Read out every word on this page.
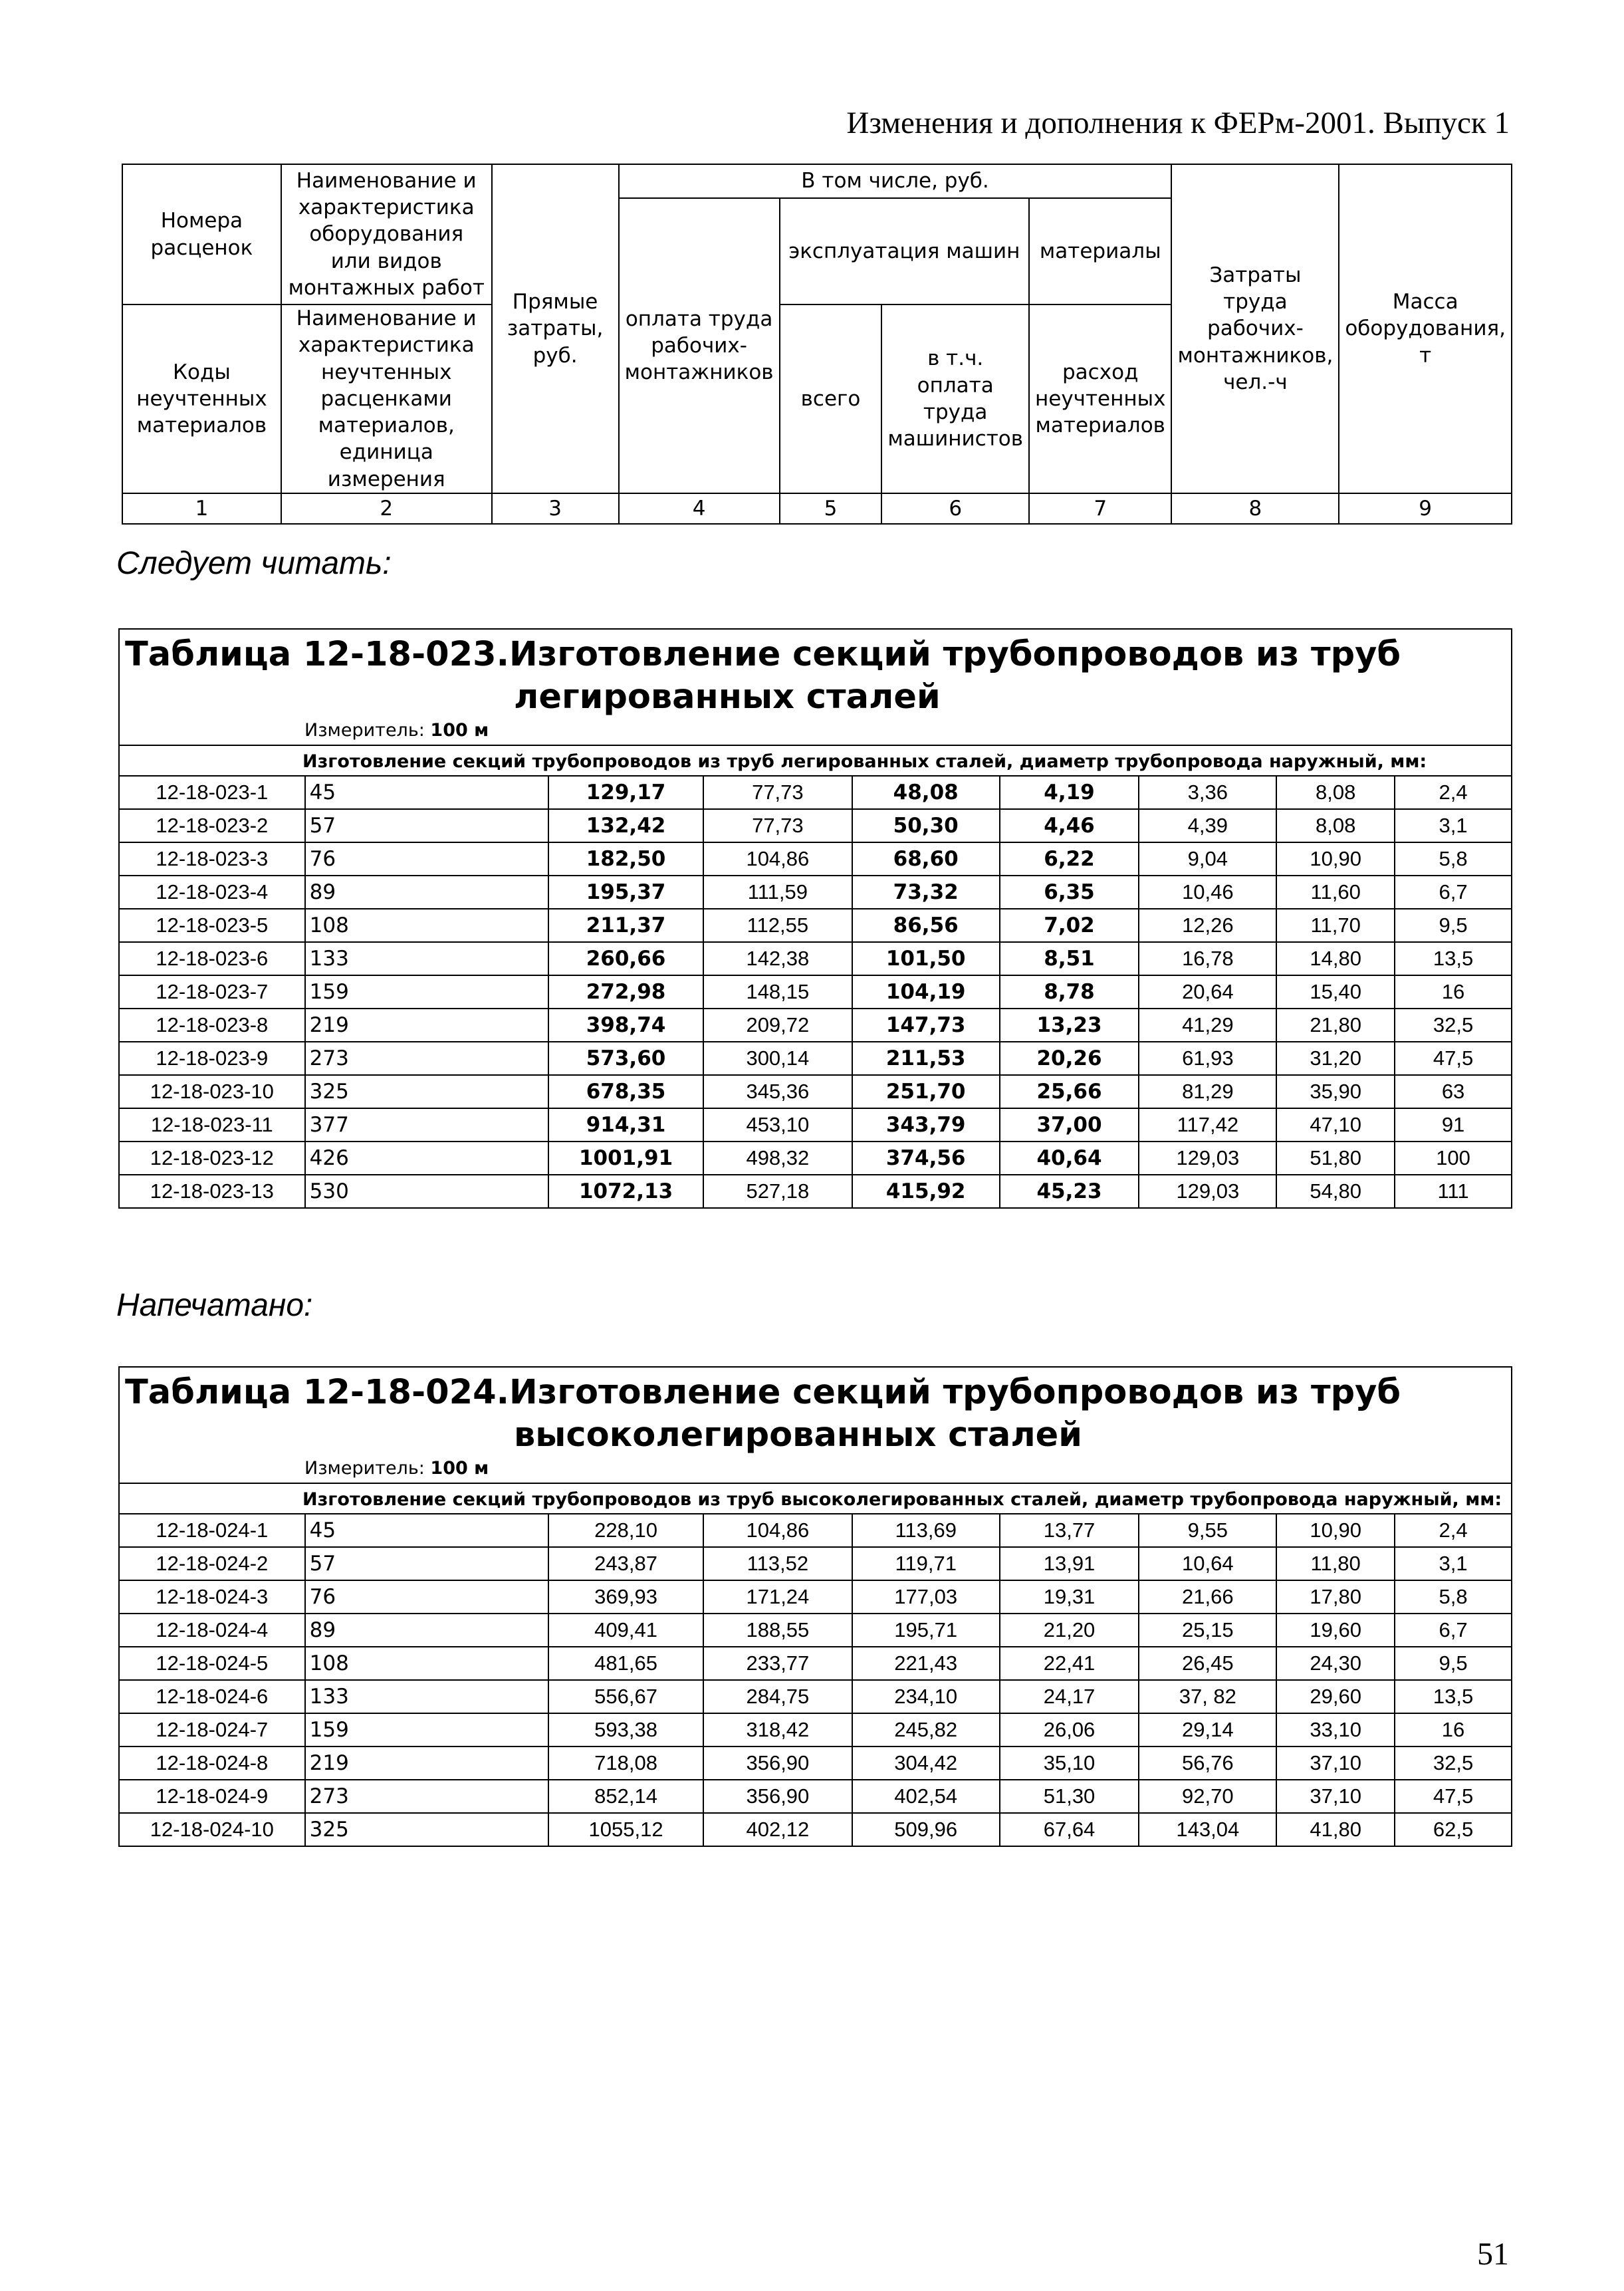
Изменения и дополнения к ФЕРм-2001. Выпуск 1
Номера расценок	Наименование и характеристика оборудования или видов монтажных работ	Прямые затраты, руб.	В том числе, руб.				Затраты труда рабочих-монтажников, чел.-ч	Масса оборудования, т
			оплата труда рабочих-монтажников	эксплуатация машин		материалы		
Коды неучтенных материалов	Наименование и характеристика неучтенных расценками материалов, единица измерения			всего	в т.ч. оплата труда машинистов	расход неучтенных материалов		

1	2	3	4	5	6	7	8	9
Следует читать:
Таблица 12-18-023.Изготовление секций трубопроводов из труб
легированных сталей
Измеритель: 100 м								

Изготовление секций трубопроводов из труб легированных сталей, диаметр трубопровода наружный, мм:								
12-18-023-1	45	129,17	77,73	48,08	4,19	3,36	8,08	2,4
12-18-023-2	57	132,42	77,73	50,30	4,46	4,39	8,08	3,1
12-18-023-3	76	182,50	104,86	68,60	6,22	9,04	10,90	5,8
12-18-023-4	89	195,37	111,59	73,32	6,35	10,46	11,60	6,7
12-18-023-5	108	211,37	112,55	86,56	7,02	12,26	11,70	9,5
12-18-023-6	133	260,66	142,38	101,50	8,51	16,78	14,80	13,5
12-18-023-7	159	272,98	148,15	104,19	8,78	20,64	15,40	16
12-18-023-8	219	398,74	209,72	147,73	13,23	41,29	21,80	32,5
12-18-023-9	273	573,60	300,14	211,53	20,26	61,93	31,20	47,5
12-18-023-10	325	678,35	345,36	251,70	25,66	81,29	35,90	63
12-18-023-11	377	914,31	453,10	343,79	37,00	117,42	47,10	91
12-18-023-12	426	1001,91	498,32	374,56	40,64	129,03	51,80	100
12-18-023-13	530	1072,13	527,18	415,92	45,23	129,03	54,80	111
Напечатано:
Таблица 12-18-024.Изготовление секций трубопроводов из труб
высоколегированных сталей
Измеритель: 100 м								

Изготовление секций трубопроводов из труб высоколегированных сталей, диаметр трубопровода наружный, мм:								
12-18-024-1	45	228,10	104,86	113,69	13,77	9,55	10,90	2,4
12-18-024-2	57	243,87	113,52	119,71	13,91	10,64	11,80	3,1
12-18-024-3	76	369,93	171,24	177,03	19,31	21,66	17,80	5,8
12-18-024-4	89	409,41	188,55	195,71	21,20	25,15	19,60	6,7
12-18-024-5	108	481,65	233,77	221,43	22,41	26,45	24,30	9,5
12-18-024-6	133	556,67	284,75	234,10	24,17	37, 82	29,60	13,5
12-18-024-7	159	593,38	318,42	245,82	26,06	29,14	33,10	16
12-18-024-8	219	718,08	356,90	304,42	35,10	56,76	37,10	32,5
12-18-024-9	273	852,14	356,90	402,54	51,30	92,70	37,10	47,5
12-18-024-10	325	1055,12	402,12	509,96	67,64	143,04	41,80	62,5
51
